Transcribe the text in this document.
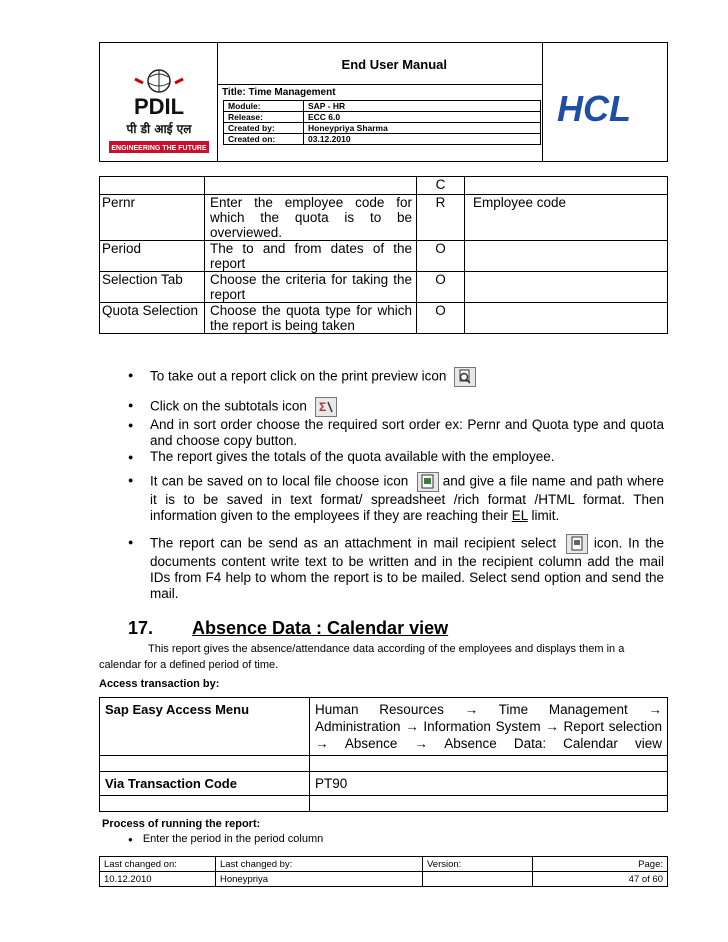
PDIL
पी डी आई एल
ENGINEERING THE FUTURE
End User Manual
Title: Time Management
Module:	SAP - HR
Release:	ECC 6.0
Created by:	Honeypriya Sharma
Created on:	03.12.2010
HCL
		C	
Pernr	Enter the employee code for which the quota is to be overviewed.	R	Employee code
Period	The to and from dates of the report	O	
Selection Tab	Choose the criteria for taking the report	O	
Quota Selection	Choose the quota type for which the report is being taken	O	
● To take out a report click on the print preview icon
● Click on the subtotals icon Σ
● And in sort order choose the required sort order ex: Pernr and Quota type and quota and choose copy button.
● The report gives the totals of the quota available with the employee.
● It can be saved on to local file choose icon	and give a file name and path where it is to be saved in text format/ spreadsheet /rich format /HTML format. Then information given to the employees if they are reaching their EL limit.
● The report can be send as an attachment in mail recipient select	icon. In the documents content write text to be written and in the recipient column add the mail IDs from F4 help to whom the report is to be mailed. Select send option and send the mail.
17. Absence Data : Calendar view
This report gives the absence/attendance data according of the employees and displays them in a calendar for a defined period of time.
Access transaction by:
Sap Easy Access Menu	Human Resources → Time Management → Administration → Information System → Report selection → Absence → Absence Data: Calendar view

Via Transaction Code	PT90

Process of running the report:
● Enter the period in the period column
Last changed on:	Last changed by:	Version:	Page:
10.12.2010	Honeypriya		47 of 60
